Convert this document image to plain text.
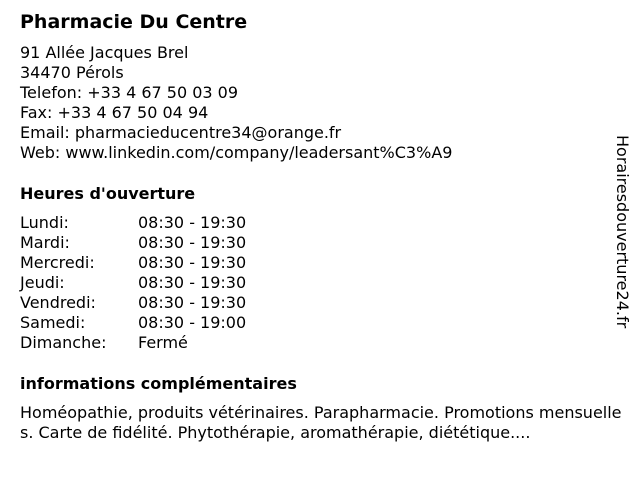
Pharmacie Du Centre
91 Allée Jacques Brel
34470 Pérols
Telefon: +33 4 67 50 03 09
Fax: +33 4 67 50 04 94
Email: pharmacieducentre34@orange.fr
Web: www.linkedin.com/company/leadersant%C3%A9
Heures d'ouverture
Lundi:	08:30 - 19:30
Mardi:	08:30 - 19:30
Mercredi:	08:30 - 19:30
Jeudi:	08:30 - 19:30
Vendredi:	08:30 - 19:30
Samedi:	08:30 - 19:00
Dimanche:	Fermé
informations complémentaires
Homéopathie, produits vétérinaires. Parapharmacie. Promotions mensuelles. Carte de fidélité. Phytothérapie, aromathérapie, diététique....
Horairesdouverture24.fr
